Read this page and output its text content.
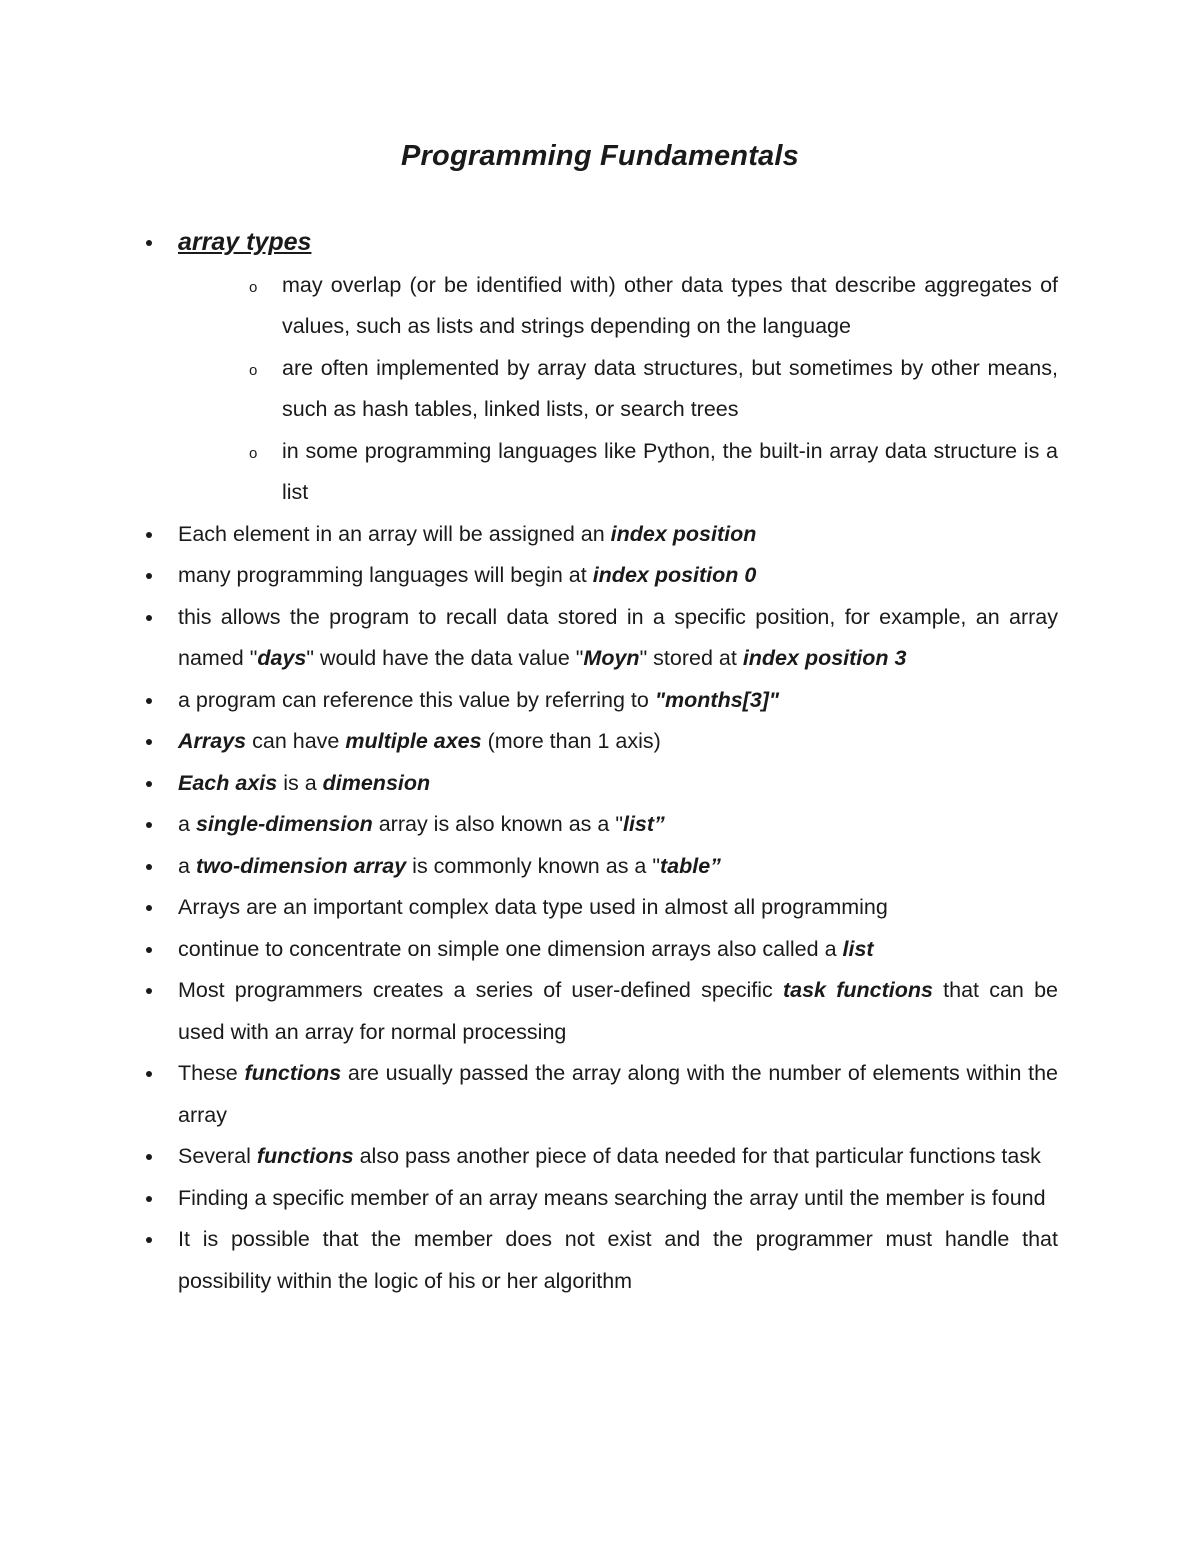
Programming Fundamentals
array types
o may overlap (or be identified with) other data types that describe aggregates of values, such as lists and strings depending on the language
o are often implemented by array data structures, but sometimes by other means, such as hash tables, linked lists, or search trees
o in some programming languages like Python, the built-in array data structure is a list
Each element in an array will be assigned an index position
many programming languages will begin at index position 0
this allows the program to recall data stored in a specific position, for example, an array named "days" would have the data value "Moyn" stored at index position 3
a program can reference this value by referring to "months[3]"
Arrays can have multiple axes (more than 1 axis)
Each axis is a dimension
a single-dimension array is also known as a "list”
a two-dimension array is commonly known as a "table”
Arrays are an important complex data type used in almost all programming
continue to concentrate on simple one dimension arrays also called a list
Most programmers creates a series of user-defined specific task functions that can be used with an array for normal processing
These functions are usually passed the array along with the number of elements within the array
Several functions also pass another piece of data needed for that particular functions task
Finding a specific member of an array means searching the array until the member is found
It is possible that the member does not exist and the programmer must handle that possibility within the logic of his or her algorithm
